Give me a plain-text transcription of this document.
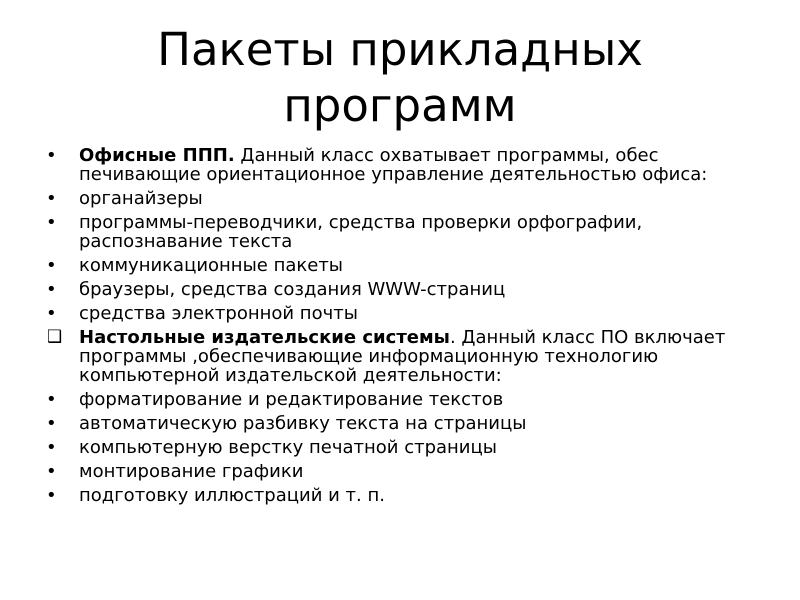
Пакеты прикладных
программ
•	Офисные ППП. Данный класс охватывает программы, обес печивающие ориентационное управление деятельностью офиса:
•	органайзеры
•	программы-переводчики, средства проверки орфографии, распознавание текста
•	коммуникационные пакеты
•	браузеры, средства создания WWW-страниц
•	средства электронной почты
❑ Настольные издательские системы. Данный класс ПО включает программы ,обеспечивающие информационную технологию компьютерной издательской деятельности:
•	форматирование и редактирование текстов
•	автоматическую разбивку текста на страницы
•	компьютерную верстку печатной страницы
•	монтирование графики
•	подготовку иллюстраций и т. п.
